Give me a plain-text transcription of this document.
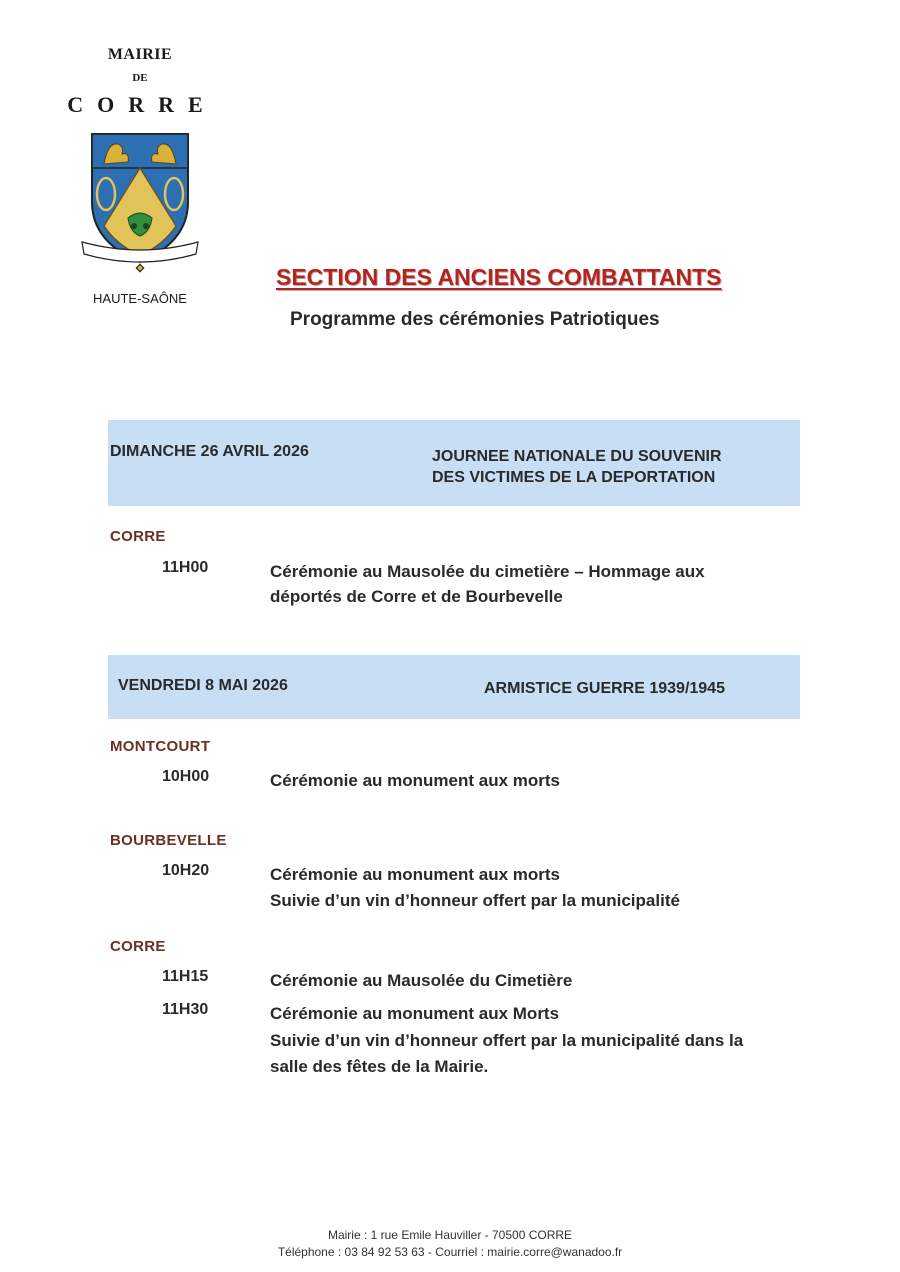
MAIRIE
DE
CORRE
HAUTE-SAÔNE
SECTION DES ANCIENS COMBATTANTS
Programme des cérémonies Patriotiques
DIMANCHE 26 AVRIL 2026	JOURNEE NATIONALE DU SOUVENIR
DES VICTIMES DE LA DEPORTATION
CORRE
11H00	Cérémonie au Mausolée du cimetière – Hommage aux
déportés de Corre et de Bourbevelle
VENDREDI 8 MAI 2026	ARMISTICE GUERRE 1939/1945
MONTCOURT
10H00	Cérémonie au monument aux morts
BOURBEVELLE
10H20	Cérémonie au monument aux morts
Suivie d’un vin d’honneur offert par la municipalité
CORRE
11H15	Cérémonie au Mausolée du Cimetière
11H30	Cérémonie au monument aux Morts
Suivie d’un vin d’honneur offert par la municipalité dans la
salle des fêtes de la Mairie.
Mairie : 1 rue Emile Hauviller - 70500 CORRE
Téléphone : 03 84 92 53 63 - Courriel : mairie.corre@wanadoo.fr
